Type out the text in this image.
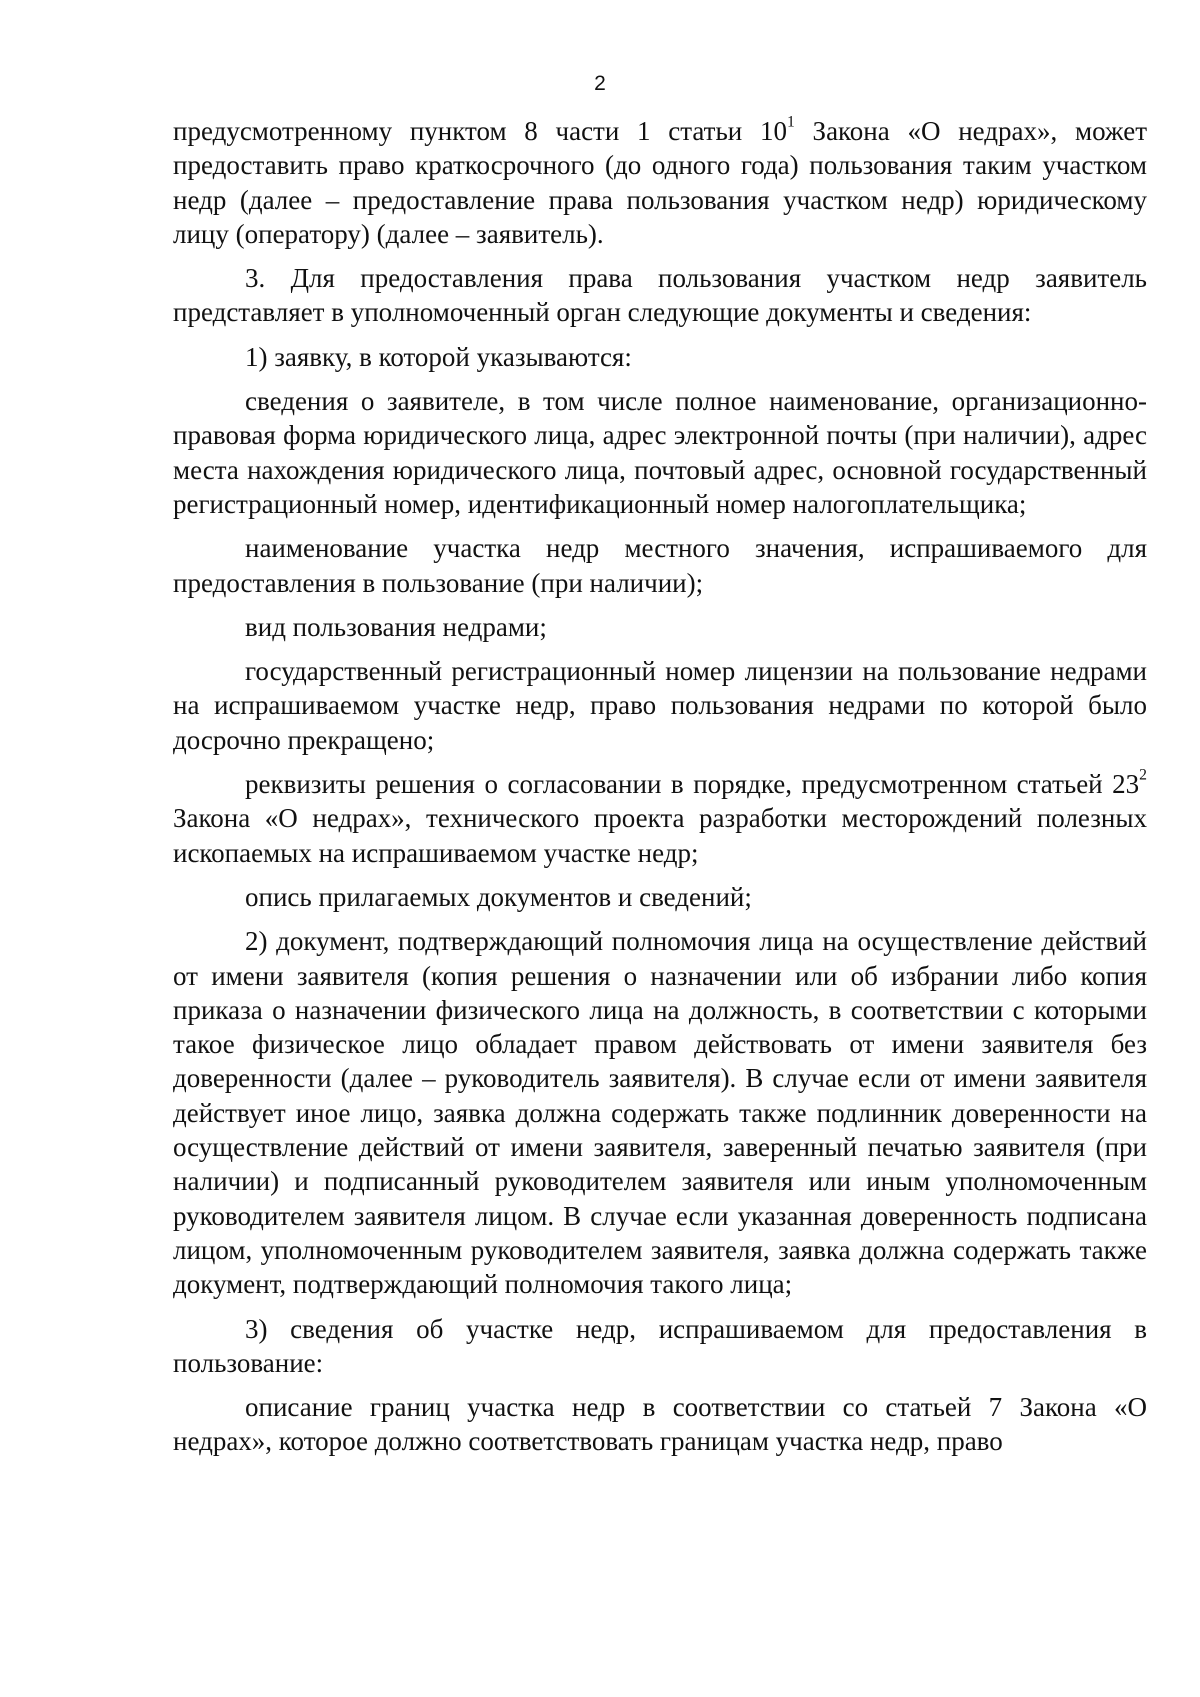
2

предусмотренному пунктом 8 части 1 статьи $10^1$ Закона «О недрах», может предоставить право краткосрочного (до одного года) пользования таким участком недр (далее – предоставление права пользования участком недр) юридическому лицу (оператору) (далее – заявитель).

3. Для предоставления права пользования участком недр заявитель представляет в уполномоченный орган следующие документы и сведения:

1) заявку, в которой указываются:

сведения о заявителе, в том числе полное наименование, организационно-правовая форма юридического лица, адрес электронной почты (при наличии), адрес места нахождения юридического лица, почтовый адрес, основной государственный регистрационный номер, идентификационный номер налогоплательщика;

наименование участка недр местного значения, испрашиваемого для предоставления в пользование (при наличии);

вид пользования недрами;

государственный регистрационный номер лицензии на пользование недрами на испрашиваемом участке недр, право пользования недрами по которой было досрочно прекращено;

реквизиты решения о согласовании в порядке, предусмотренном статьей $23^2$ Закона «О недрах», технического проекта разработки месторождений полезных ископаемых на испрашиваемом участке недр;

опись прилагаемых документов и сведений;

2) документ, подтверждающий полномочия лица на осуществление действий от имени заявителя (копия решения о назначении или об избрании либо копия приказа о назначении физического лица на должность, в соответствии с которыми такое физическое лицо обладает правом действовать от имени заявителя без доверенности (далее – руководитель заявителя). В случае если от имени заявителя действует иное лицо, заявка должна содержать также подлинник доверенности на осуществление действий от имени заявителя, заверенный печатью заявителя (при наличии) и подписанный руководителем заявителя или иным уполномоченным руководителем заявителя лицом. В случае если указанная доверенность подписана лицом, уполномоченным руководителем заявителя, заявка должна содержать также документ, подтверждающий полномочия такого лица;

3) сведения об участке недр, испрашиваемом для предоставления в пользование:

описание границ участка недр в соответствии со статьей 7 Закона «О недрах», которое должно соответствовать границам участка недр, право
